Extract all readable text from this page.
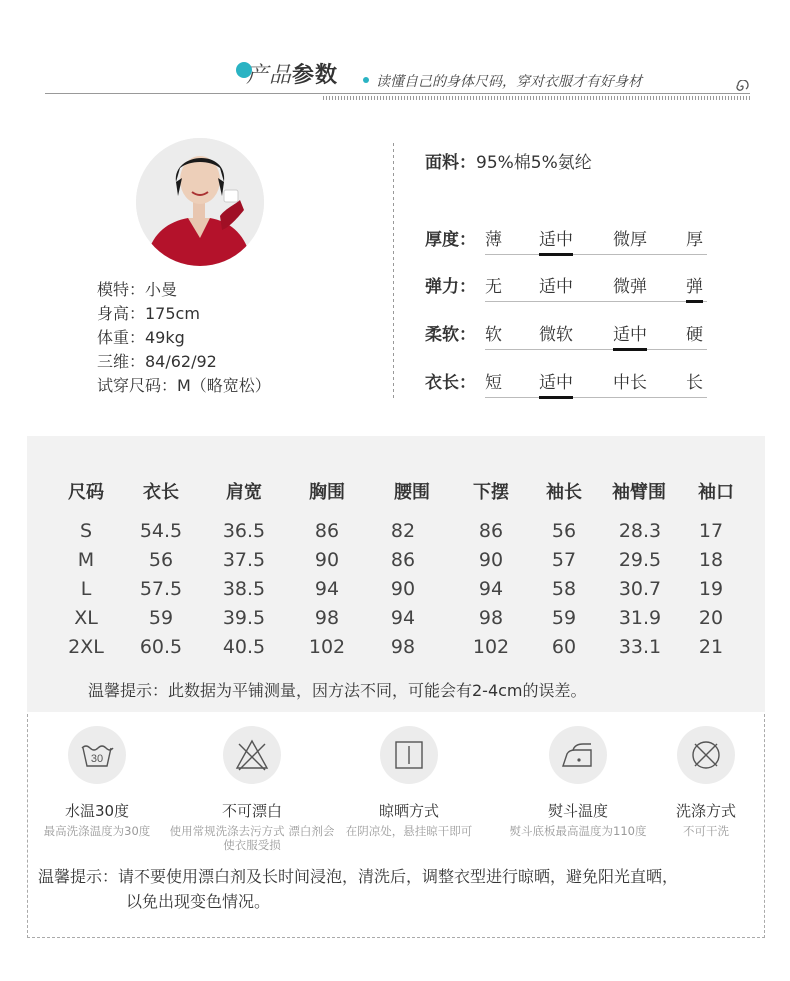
产品参数	读懂自己的身体尺码，穿对衣服才有好身材
模特：小曼
身高：175cm
体重：49kg
三维：84/62/92
试穿尺码：M（略宽松）
面料：95%棉5%氨纶
厚度： 薄 适中 微厚 厚
弹力： 无 适中 微弹 弹
柔软： 软 微软 适中 硬
衣长： 短 适中 中长 长
尺码 衣长	肩宽	胸围	腰围 下摆 袖长 袖臂围 袖口
S	54.5 36.5	86	82	86	56 28.3 17
M	56	37.5	90	86	90	57 29.5 18
L	57.5 38.5	94	90	94	58 30.7 19
XL	59	39.5	98	94	98	59 31.9 20
2XL 60.5 40.5 102 98	102 60 33.1 21
温馨提示：此数据为平铺测量，因方法不同，可能会有2-4cm的误差。
30
水温30度
最高洗涤温度为30度
不可漂白
使用常规洗涤去污方式 漂白剂会使衣服受损
晾晒方式
在阴凉处，悬挂晾干即可
熨斗温度
熨斗底板最高温度为110度
洗涤方式
不可干洗
温馨提示：请不要使用漂白剂及长时间浸泡，清洗后，调整衣型进行晾晒，避免阳光直晒，
以免出现变色情况。
